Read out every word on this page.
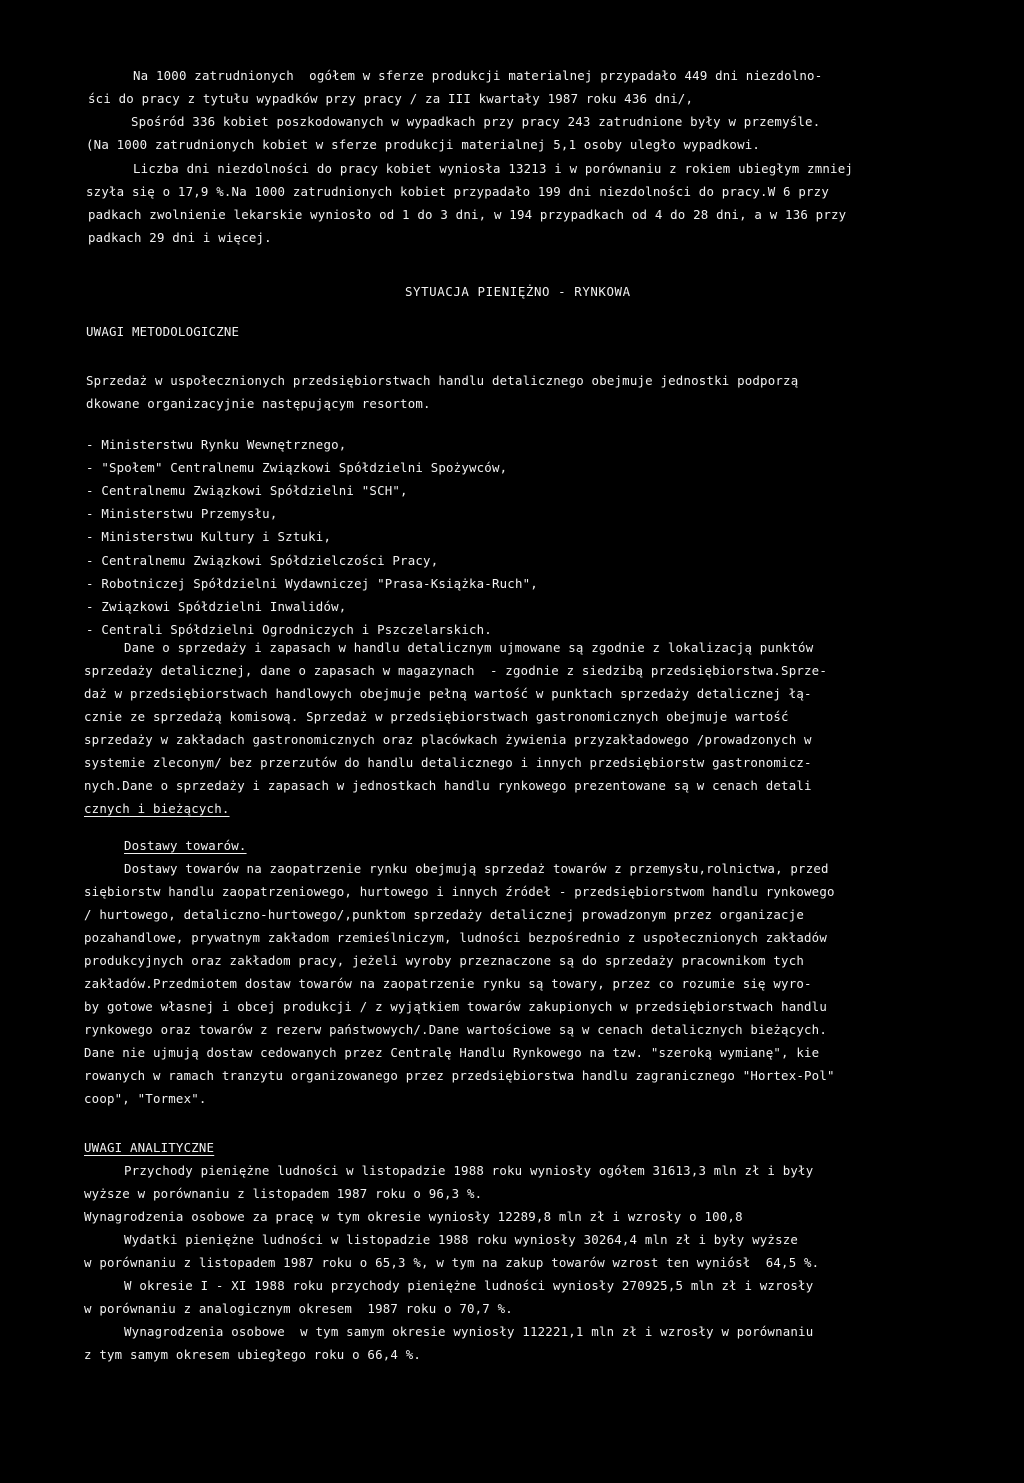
Na 1000 zatrudnionych  ogółem w sferze produkcji materialnej przypadało 449 dni niezdolno-
ści do pracy z tytułu wypadków przy pracy / za III kwartały 1987 roku 436 dni/,
Spośród 336 kobiet poszkodowanych w wypadkach przy pracy 243 zatrudnione były w przemyśle.
(Na 1000 zatrudnionych kobiet w sferze produkcji materialnej 5,1 osoby uległo wypadkowi.
Liczba dni niezdolności do pracy kobiet wyniosła 13213 i w porównaniu z rokiem ubiegłym zmniej
szyła się o 17,9 %.Na 1000 zatrudnionych kobiet przypadało 199 dni niezdolności do pracy.W 6 przy
padkach zwolnienie lekarskie wyniosło od 1 do 3 dni, w 194 przypadkach od 4 do 28 dni, a w 136 przy
padkach 29 dni i więcej.
SYTUACJA PIENIĘŻNO - RYNKOWA
UWAGI METODOLOGICZNE
Sprzedaż w uspołecznionych przedsiębiorstwach handlu detalicznego obejmuje jednostki podporzą
dkowane organizacyjnie następującym resortom.
- Ministerstwu Rynku Wewnętrznego,
- "Społem" Centralnemu Związkowi Spółdzielni Spożywców,
- Centralnemu Związkowi Spółdzielni "SCH",
- Ministerstwu Przemysłu,
- Ministerstwu Kultury i Sztuki,
- Centralnemu Związkowi Spółdzielczości Pracy,
- Robotniczej Spółdzielni Wydawniczej "Prasa-Książka-Ruch",
- Związkowi Spółdzielni Inwalidów,
- Centrali Spółdzielni Ogrodniczych i Pszczelarskich.
Dane o sprzedaży i zapasach w handlu detalicznym ujmowane są zgodnie z lokalizacją punktów
sprzedaży detalicznej, dane o zapasach w magazynach  - zgodnie z siedzibą przedsiębiorstwa.Sprze-
daż w przedsiębiorstwach handlowych obejmuje pełną wartość w punktach sprzedaży detalicznej łą-
cznie ze sprzedażą komisową. Sprzedaż w przedsiębiorstwach gastronomicznych obejmuje wartość
sprzedaży w zakładach gastronomicznych oraz placówkach żywienia przyzakładowego /prowadzonych w
systemie zleconym/ bez przerzutów do handlu detalicznego i innych przedsiębiorstw gastronomicz-
nych.Dane o sprzedaży i zapasach w jednostkach handlu rynkowego prezentowane są w cenach detali
cznych i bieżących.
Dostawy towarów.
Dostawy towarów na zaopatrzenie rynku obejmują sprzedaż towarów z przemysłu,rolnictwa, przed
siębiorstw handlu zaopatrzeniowego, hurtowego i innych źródeł - przedsiębiorstwom handlu rynkowego
/ hurtowego, detaliczno-hurtowego/,punktom sprzedaży detalicznej prowadzonym przez organizacje
pozahandlowe, prywatnym zakładom rzemieślniczym, ludności bezpośrednio z uspołecznionych zakładów
produkcyjnych oraz zakładom pracy, jeżeli wyroby przeznaczone są do sprzedaży pracownikom tych
zakładów.Przedmiotem dostaw towarów na zaopatrzenie rynku są towary, przez co rozumie się wyro-
by gotowe własnej i obcej produkcji / z wyjątkiem towarów zakupionych w przedsiębiorstwach handlu
rynkowego oraz towarów z rezerw państwowych/.Dane wartościowe są w cenach detalicznych bieżących.
Dane nie ujmują dostaw cedowanych przez Centralę Handlu Rynkowego na tzw. "szeroką wymianę", kie
rowanych w ramach tranzytu organizowanego przez przedsiębiorstwa handlu zagranicznego "Hortex-Pol"
coop", "Tormex".
UWAGI ANALITYCZNE
Przychody pieniężne ludności w listopadzie 1988 roku wyniosły ogółem 31613,3 mln zł i były
wyższe w porównaniu z listopadem 1987 roku o 96,3 %.
Wynagrodzenia osobowe za pracę w tym okresie wyniosły 12289,8 mln zł i wzrosły o 100,8
Wydatki pieniężne ludności w listopadzie 1988 roku wyniosły 30264,4 mln zł i były wyższe
w porównaniu z listopadem 1987 roku o 65,3 %, w tym na zakup towarów wzrost ten wyniósł  64,5 %.
W okresie I - XI 1988 roku przychody pieniężne ludności wyniosły 270925,5 mln zł i wzrosły
w porównaniu z analogicznym okresem  1987 roku o 70,7 %.
Wynagrodzenia osobowe  w tym samym okresie wyniosły 112221,1 mln zł i wzrosły w porównaniu
z tym samym okresem ubiegłego roku o 66,4 %.
